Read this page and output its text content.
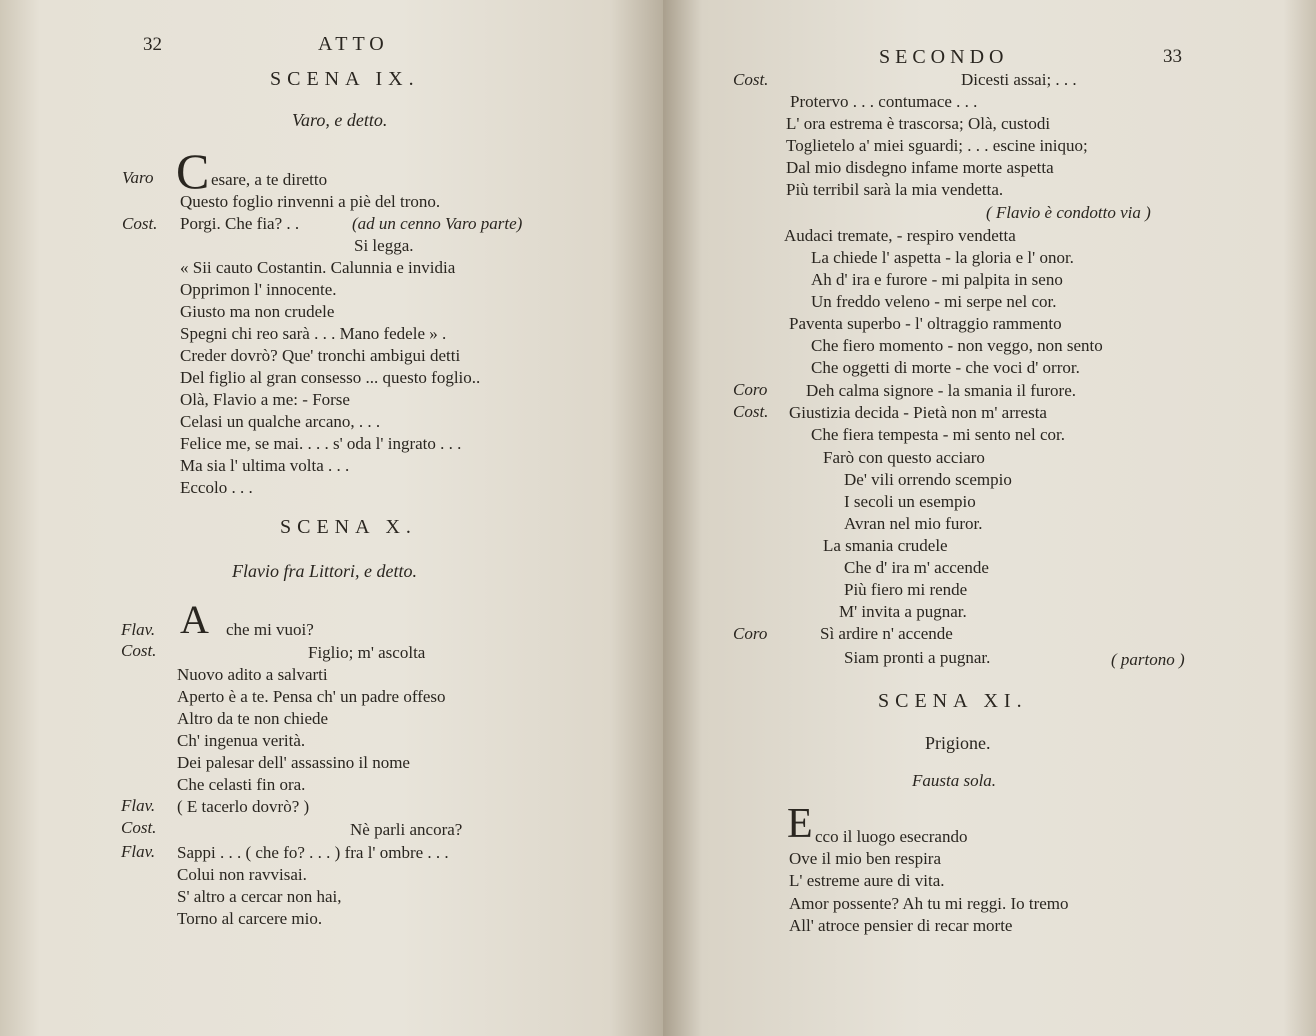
32	ATTO
SCENA IX.
Varo, e detto.
Varo C esare, a te diretto
Questo foglio rinvenni a piè del trono.
Cost. Porgi. Che fia? . .	(ad un cenno Varo parte)
Si legga.
« Sii cauto Costantin. Calunnia e invidia
Opprimon l' innocente.
Giusto ma non crudele
Spegni chi reo sarà . . . Mano fedele » .
Creder dovrò? Que' tronchi ambigui detti
Del figlio al gran consesso ... questo foglio..
Olà, Flavio a me: - Forse
Celasi un qualche arcano, . . .
Felice me, se mai. . . . s' oda l' ingrato . . .
Ma sia l' ultima volta . . .
Eccolo . . .
SCENA X.
Flavio fra Littori, e detto.
Flav. A che mi vuoi?
Cost.	Figlio; m' ascolta
Nuovo adito a salvarti
Aperto è a te. Pensa ch' un padre offeso
Altro da te non chiede
Ch' ingenua verità.
Dei palesar dell' assassino il nome
Che celasti fin ora.
Flav. ( E tacerlo dovrò? )
Cost.	Nè parli ancora?
Flav. Sappi . . . ( che fo? . . . ) fra l' ombre . . .
Colui non ravvisai.
S' altro a cercar non hai,
Torno al carcere mio.
SECONDO	33
Cost.	Dicesti assai; . . .
Protervo . . . contumace . . .
L' ora estrema è trascorsa; Olà, custodi
Toglietelo a' miei sguardi; . . . escine iniquo;
Dal mio disdegno infame morte aspetta
Più terribil sarà la mia vendetta.
( Flavio è condotto via )
Audaci tremate, - respiro vendetta
La chiede l' aspetta - la gloria e l' onor.
Ah d' ira e furore - mi palpita in seno
Un freddo veleno - mi serpe nel cor.
Paventa superbo - l' oltraggio rammento
Che fiero momento - non veggo, non sento
Che oggetti di morte - che voci d' orror.
Coro Deh calma signore - la smania il furore.
Cost. Giustizia decida - Pietà non m' arresta
Che fiera tempesta - mi sento nel cor.
Farò con questo acciaro
De' vili orrendo scempio
I secoli un esempio
Avran nel mio furor.
La smania crudele
Che d' ira m' accende
Più fiero mi rende
M' invita a pugnar.
Coro	Sì ardire n' accende
Siam pronti a pugnar.	( partono )
SCENA XI.
Prigione.
Fausta sola.
E cco il luogo esecrando
Ove il mio ben respira
L' estreme aure di vita.
Amor possente? Ah tu mi reggi. Io tremo
All' atroce pensier di recar morte
